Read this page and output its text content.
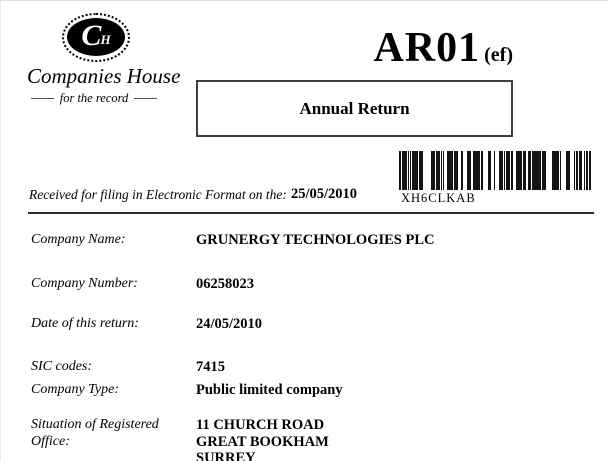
C H
Companies House
for the record
AR01 (ef)
Annual Return
XH6CLKAB
Received for filing in Electronic Format on the: 25/05/2010
Company Name:	GRUNERGY TECHNOLOGIES PLC
Company Number:	06258023
Date of this return:	24/05/2010
SIC codes:	7415
Company Type:	Public limited company
Situation of Registered Office:
11 CHURCH ROAD
GREAT BOOKHAM
SURREY
